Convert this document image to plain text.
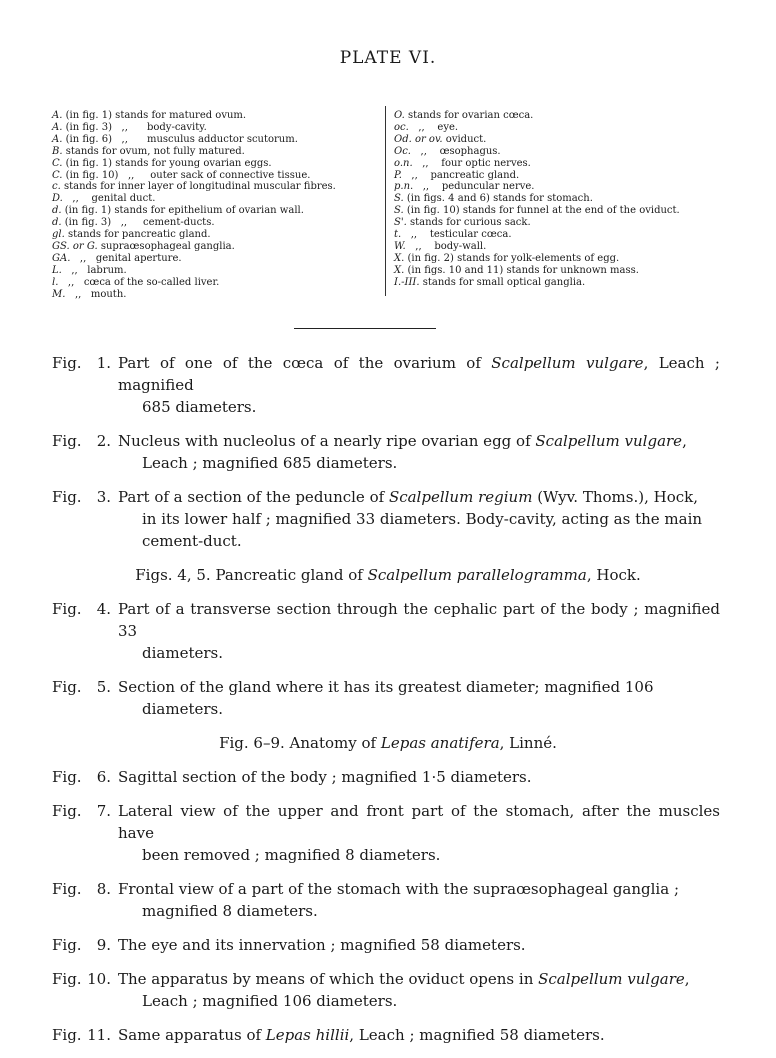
PLATE VI.
A. (in fig. 1) stands for matured ovum.
A. (in fig. 3)   ,,      body-cavity.
A. (in fig. 6)   ,,      musculus adductor scutorum.
B. stands for ovum, not fully matured.
C. (in fig. 1) stands for young ovarian eggs.
C. (in fig. 10)   ,,     outer sack of connective tissue.
c. stands for inner layer of longitudinal muscular fibres.
D.   ,,    genital duct.
d. (in fig. 1) stands for epithelium of ovarian wall.
d. (in fig. 3)   ,,     cement-ducts.
gl. stands for pancreatic gland.
GS. or G. supraœsophageal ganglia.
GA.   ,,   genital aperture.
L.   ,,   labrum.
l.   ,,   cœca of the so-called liver.
M.   ,,   mouth.
O. stands for ovarian cœca.
oc.   ,,    eye.
Od. or ov. oviduct.
Oc.   ,,    œsophagus.
o.n.   ,,    four optic nerves.
P.   ,,    pancreatic gland.
p.n.   ,,    peduncular nerve.
S. (in figs. 4 and 6) stands for stomach.
S. (in fig. 10) stands for funnel at the end of the oviduct.
S'. stands for curious sack.
t.   ,,    testicular cœca.
W.   ,,    body-wall.
X. (in fig. 2) stands for yolk-elements of egg.
X. (in figs. 10 and 11) stands for unknown mass.
I.-III. stands for small optical ganglia.
Fig.	1. Part of one of the cœca of the ovarium of Scalpellum vulgare, Leach ; magnified
685 diameters.
Fig.	2. Nucleus with nucleolus of a nearly ripe ovarian egg of Scalpellum vulgare,
Leach ; magnified 685 diameters.
Fig.	3. Part of a section of the peduncle of Scalpellum regium (Wyv. Thoms.), Hock,
in its lower half ; magnified 33 diameters. Body-cavity, acting as the main
cement-duct.
Figs. 4, 5. Pancreatic gland of Scalpellum parallelogramma, Hock.
Fig.	4. Part of a transverse section through the cephalic part of the body ; magnified 33
diameters.
Fig.	5. Section of the gland where it has its greatest diameter; magnified 106
diameters.
Fig. 6–9. Anatomy of Lepas anatifera, Linné.
Fig.	6. Sagittal section of the body ; magnified 1·5 diameters.
Fig.	7. Lateral view of the upper and front part of the stomach, after the muscles have
been removed ; magnified 8 diameters.
Fig.	8. Frontal view of a part of the stomach with the supraœsophageal ganglia ;
magnified 8 diameters.
Fig.	9. The eye and its innervation ; magnified 58 diameters.
Fig. 10. The apparatus by means of which the oviduct opens in Scalpellum vulgare,
Leach ; magnified 106 diameters.
Fig. 11. Same apparatus of Lepas hillii, Leach ; magnified 58 diameters.
